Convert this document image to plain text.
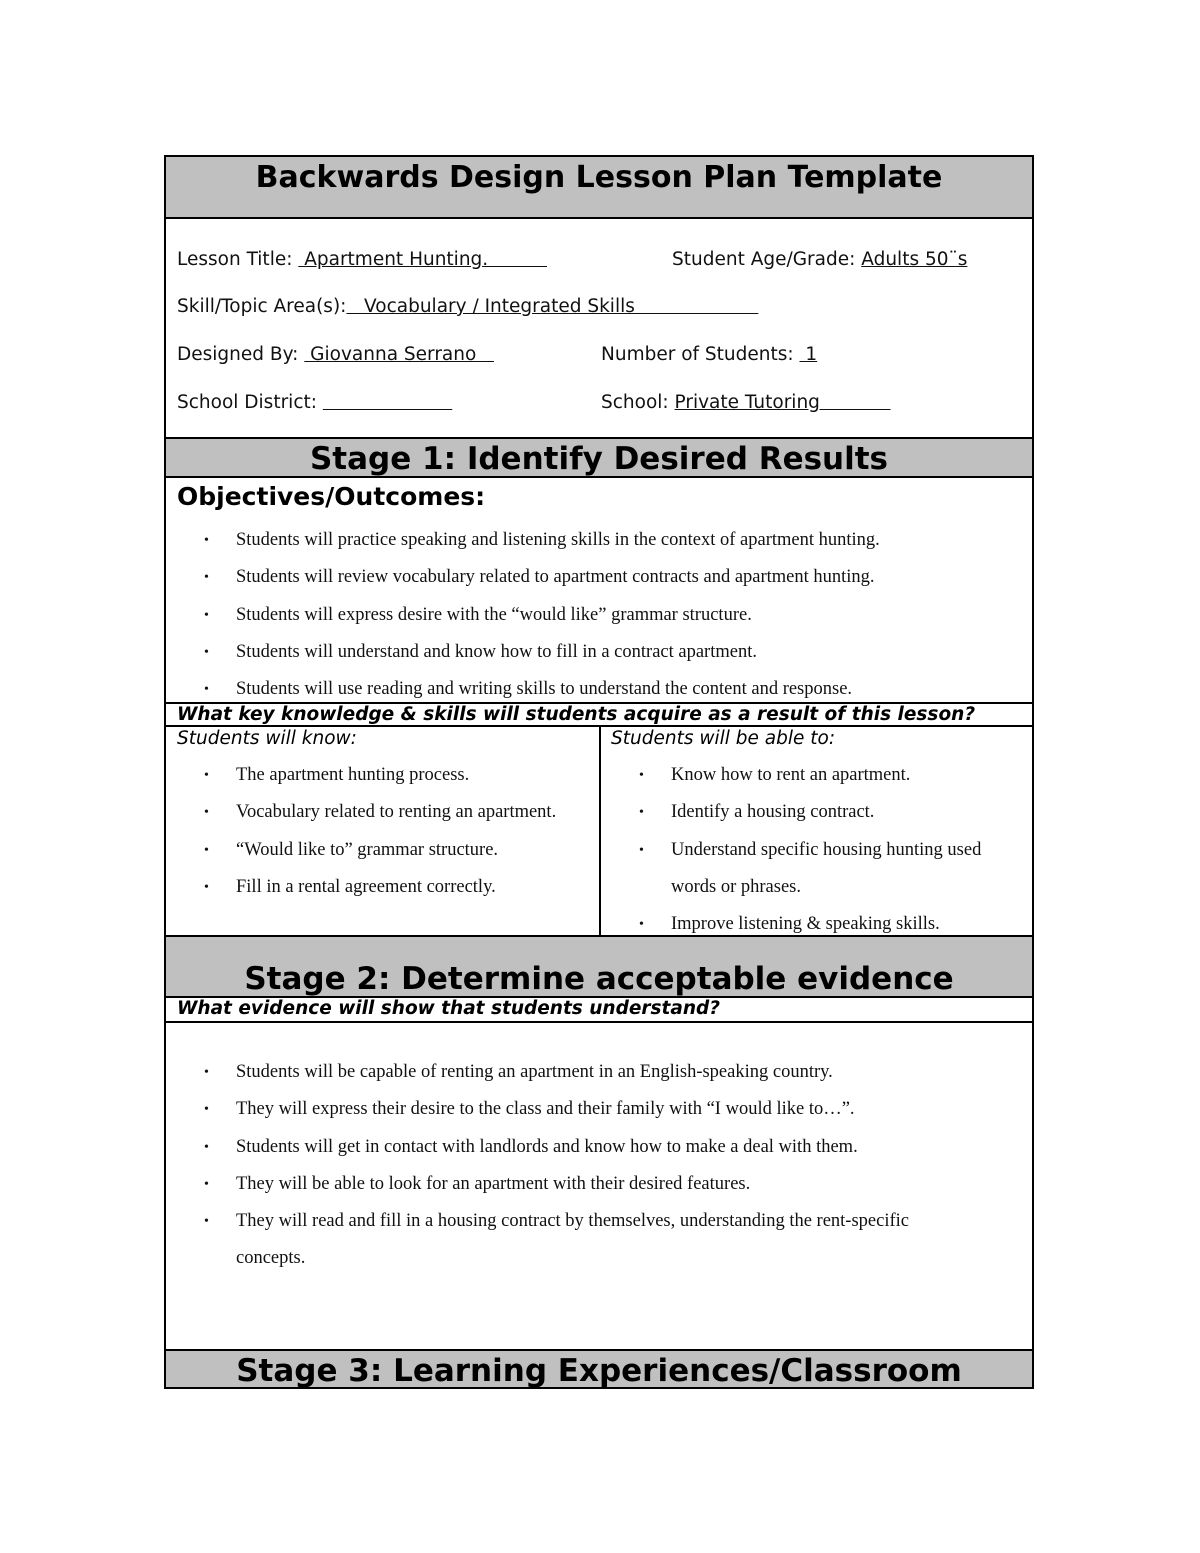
Backwards Design Lesson Plan Template
Lesson Title:  Apartment Hunting.	Student Age/Grade: Adults 50¨s
Skill/Topic Area(s):   Vocabulary / Integrated Skills
Designed By:  Giovanna Serrano	Number of Students:  1
School District:	School: Private Tutoring
Stage 1: Identify Desired Results
Objectives/Outcomes:
• Students will practice speaking and listening skills in the context of apartment hunting.
• Students will review vocabulary related to apartment contracts and apartment hunting.
• Students will express desire with the “would like” grammar structure.
• Students will understand and know how to fill in a contract apartment.
• Students will use reading and writing skills to understand the content and response.
What key knowledge & skills will students acquire as a result of this lesson?
Students will know:
• The apartment hunting process.
• Vocabulary related to renting an apartment.
• “Would like to” grammar structure.
• Fill in a rental agreement correctly.
Students will be able to:
• Know how to rent an apartment.
• Identify a housing contract.
• Understand specific housing hunting used words or phrases.
• Improve listening & speaking skills.
Stage 2: Determine acceptable evidence
What evidence will show that students understand?
• Students will be capable of renting an apartment in an English-speaking country.
• They will express their desire to the class and their family with “I would like to…”.
• Students will get in contact with landlords and know how to make a deal with them.
• They will be able to look for an apartment with their desired features.
• They will read and fill in a housing contract by themselves, understanding the rent-specific concepts.
Stage 3: Learning Experiences/Classroom
